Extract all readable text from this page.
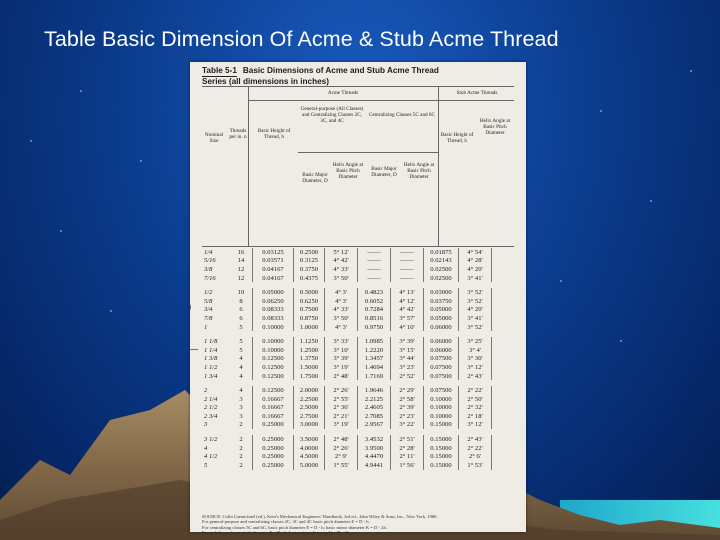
Table Basic Dimension Of Acme & Stub Acme Thread
Table 5-1 Basic Dimensions of Acme and Stub Acme Thread
Series (all dimensions in inches)
Acme Threads	Stub Acme Threads
General-purpose (All Classes) and Centralizing Classes 2C, 3C, and 4C
Centralizing Classes 5C and 6C
Nominal Size
Threads per in. n
Basic Height of Thread, h
Basic Major Diameter, D
Helix Angle at Basic Pitch Diameter
Basic Major Diameter, D
Helix Angle at Basic Pitch Diameter
Basic Height of Thread, h
Helix Angle at Basic Pitch Diameter
1/4	16	0.03125	0.2500	5° 12'	——	——	0.01875	4° 54'
5/16	14	0.03571	0.3125	4° 42'	——	——	0.02143	4° 28'
3/8	12	0.04167	0.3750	4° 33'	——	——	0.02500	4° 20'
7/16	12	0.04167	0.4375	3° 50'	——	——	0.02500	3° 41'

1/2	10	0.05000	0.5000	4° 3'	0.4823	4° 13'	0.03000	3° 52'
5/8	8	0.06250	0.6250	4° 3'	0.6052	4° 12'	0.03750	3° 52'
3/4	6	0.08333	0.7500	4° 33'	0.7284	4° 42'	0.05000	4° 20'
7/8	6	0.08333	0.8750	3° 50'	0.8516	3° 57'	0.05000	3° 41'
1	5	0.10000	1.0000	4° 3'	0.9750	4° 10'	0.06000	3° 52'

1 1/8	5	0.10000	1.1250	3° 33'	1.0985	3° 39'	0.06000	3° 25'
1 1/4	5	0.10000	1.2500	3° 10'	1.2220	3° 15'	0.06000	3° 4'
1 3/8	4	0.12500	1.3750	3° 39'	1.3457	3° 44'	0.07500	3° 30'
1 1/2	4	0.12500	1.5000	3° 19'	1.4694	3° 23'	0.07500	3° 12'
1 3/4	4	0.12500	1.7500	2° 48'	1.7169	2° 52'	0.07500	2° 43'

2	4	0.12500	2.0000	2° 26'	1.9646	2° 29'	0.07500	2° 22'
2 1/4	3	0.16667	2.2500	2° 55'	2.2125	2° 58'	0.10000	2° 50'
2 1/2	3	0.16667	2.5000	2° 36'	2.4605	2° 39'	0.10000	2° 32'
2 3/4	3	0.16667	2.7500	2° 21'	2.7085	2° 23'	0.10000	2° 18'
3	2	0.25000	3.0000	3° 19'	2.9567	3° 22'	0.15000	3° 12'

3 1/2	2	0.25000	3.5000	2° 48'	3.4532	2° 51'	0.15000	2° 43'
4	2	0.25000	4.0000	2° 26'	3.9500	2° 28'	0.15000	2° 22'
4 1/2	2	0.25000	4.5000	2° 9'	4.4470	2° 11'	0.15000	2° 6'
5	2	0.25000	5.0000	1° 55'	4.9441	1° 56'	0.15000	1° 53'
)
—
SOURCE: Colin Carmichael (ed.), Kent's Mechanical Engineers' Handbook, 3rd ed., John Wiley & Sons, Inc., New York, 1960.
For general-purpose and centralizing classes 2C, 3C and 4C basic pitch diameter E = D - h.
For centralizing classes 5C and 6C, basic pitch diameter E = D - h; basic minor diameter K = D - 2h.
For stub Acme, basic pitch diameter E = D - h; basic minor diameter K = D - 2h.
